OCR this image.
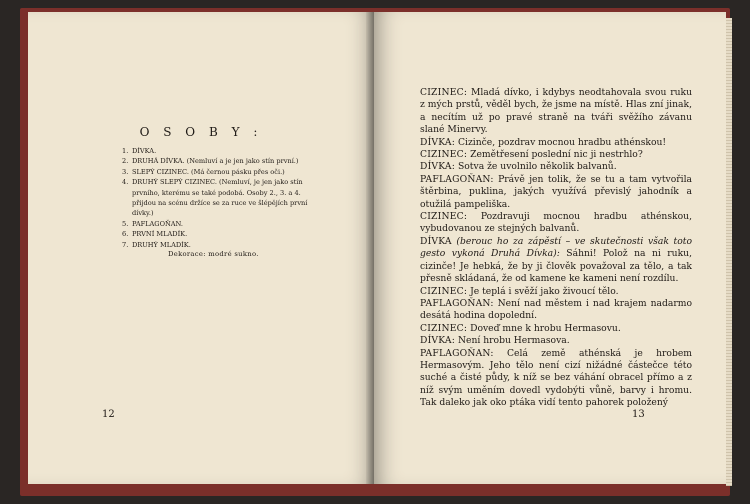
O S O B Y :
1. DÍVKA.
2. DRUHÁ DÍVKA. (Nemluví a je jen jako stín první.)
3. SLEPÝ CIZINEC. (Má černou pásku přes oči.)
4. DRUHÝ SLEPÝ CIZINEC. (Nemluví, je jen jako stín prvního, kterému se také podobá. Osoby 2., 3. a 4. přijdou na scénu držíce se za ruce ve šlépějích první dívky.)
5. PAFLAGOŇAN.
6. PRVNÍ MLADÍK.
7. DRUHÝ MLADÍK.
Dekorace: modré sukno.
12

CIZINEC: Mladá dívko, i kdybys neodtahovala svou ruku z mých prstů, věděl bych, že jsme na místě. Hlas zní jinak, a necítím už po pravé straně na tváři svěžího závanu slané Minervy.

DÍVKA: Cizinče, pozdrav mocnou hradbu athénskou!

CIZINEC: Zemětřesení poslední nic ji nestrhlo?

DÍVKA: Sotva že uvolnilo několik balvanů.

PAFLAGOŇAN: Právě jen tolik, že se tu a tam vytvořila štěrbina, puklina, jakých využívá převislý jahodník a otužilá pampeliška.

CIZINEC: Pozdravuji mocnou hradbu athénskou, vybudovanou ze stejných balvanů.

DÍVKA (berouc ho za zápěstí – ve skutečnosti však toto gesto vykoná Druhá Dívka): Sáhni! Polož na ni ruku, cizinče! Je hebká, že by ji člověk považoval za tělo, a tak přesně skládaná, že od kamene ke kameni není rozdílu.

CIZINEC: Je teplá i svěží jako živoucí tělo.

PAFLAGOŇAN: Není nad městem i nad krajem nadarmo desátá hodina dopolední.

CIZINEC: Doveď mne k hrobu Hermasovu.

DÍVKA: Není hrobu Hermasova.

PAFLAGOŇAN: Celá země athénská je hrobem Hermasovým. Jeho tělo není cizí nižádné částečce této suché a čisté půdy, k níž se bez váhání obracel přímo a z níž svým uměním dovedl vydobýti vůně, barvy i hromu. Tak daleko jak oko ptáka vidí tento pahorek položený

13
